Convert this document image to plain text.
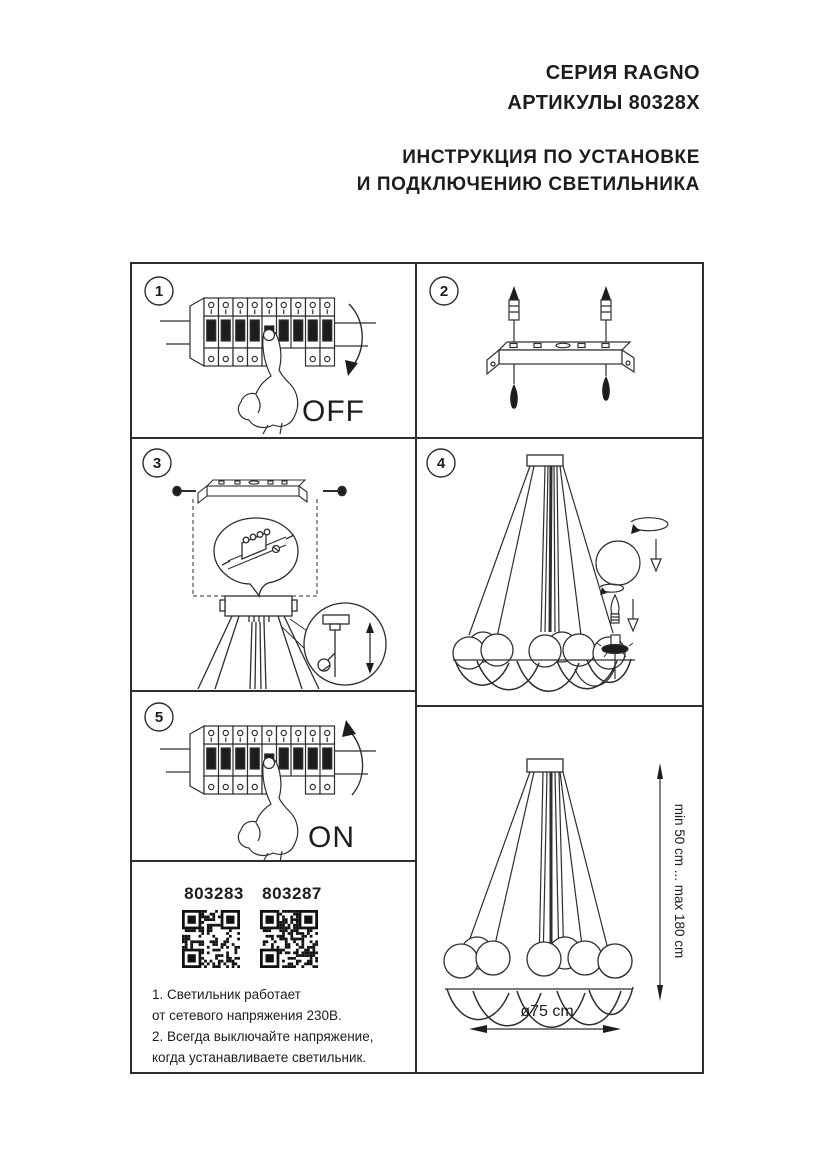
СЕРИЯ RAGNO
АРТИКУЛЫ 80328X
ИНСТРУКЦИЯ ПО УСТАНОВКЕ
И ПОДКЛЮЧЕНИЮ СВЕТИЛЬНИКА
1
OFF
2
3	4
5
ON
803283	803287
1. Светильник работает
от сетевого напряжения 230В.
2. Всегда выключайте напряжение,
когда устанавливаете светильник.
min 50 cm ... max 180 cm
ø75 cm
